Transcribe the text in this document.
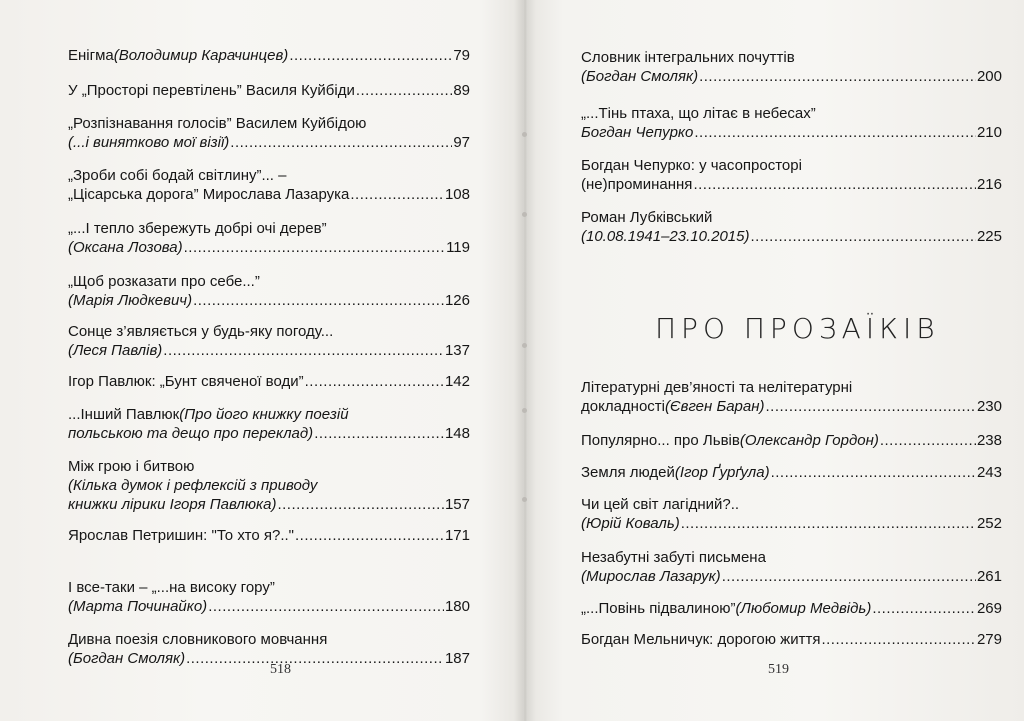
518
Енігма (Володимир Карачинцев) .....	79
У „Просторі перевтілень” Василя Куйбіди .....	89
„Розпізнавання голосів” Василем Куйбідою
(...і винятково мої візії) .....	97
„Зроби собі бодай світлину”... –
„Цісарська дорога” Мирослава Лазарука .....	108
„...І тепло збережуть добрі очі дерев”
(Оксана Лозова) .....	119
„Щоб розказати про себе...”
(Марія Людкевич) .....	126
Сонце з’являється у будь-яку погоду...
(Леся Павлів) .....	137
Ігор Павлюк: „Бунт свяченої води” .....	142
...Інший Павлюк (Про його книжку поезій
польською та дещо про переклад) .....	148
Між грою і битвою
(Кілька думок і рефлексій з приводу
книжки лірики Ігоря Павлюка) .....	157
Ярослав Петришин: "То хто я?.." .....	171
І все-таки – „...на високу гору”
(Марта Починайко) .....	180
Дивна поезія словникового мовчання
(Богдан Смоляк) .....	187
ПРО ПРОЗАЇКІВ
519
Словник інтегральних почуттів
(Богдан Смоляк) .....	200
„...Тінь птаха, що літає в небесах”
Богдан Чепурко .....	210
Богдан Чепурко: у часопросторі
(не)проминання .....	216
Роман Лубківський
(10.08.1941–23.10.2015) .....	225
Літературні дев’яності та нелітературні
докладності (Євген Баран) .....	230
Популярно... про Львів (Олександр Гордон) .....	238
Земля людей (Ігор Ґурґула) .....	243
Чи цей світ лагідний?..
(Юрій Коваль) .....	252
Незабутні забуті письмена
(Мирослав Лазарук) .....	261
„...Повінь підвалиною” (Любомир Медвідь) .....	269
Богдан Мельничук: дорогою життя .....	279
